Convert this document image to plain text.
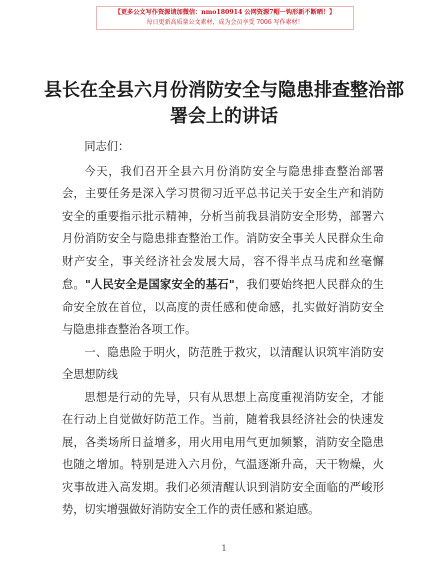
【更多公文写作资源请加微信：nmo180914 公网资源7帽一钩形新不断晒！】
每日更新高质量公文素材，成为会员享受 7006 写作素材！
县长在全县六月份消防安全与隐患排查整治部署会上的讲话

同志们：

今天，我们召开全县六月份消防安全与隐患排查整治部署会，主要任务是深入学习贯彻习近平总书记关于安全生产和消防安全的重要指示批示精神，分析当前我县消防安全形势，部署六月份消防安全与隐患排查整治工作。消防安全事关人民群众生命财产安全，事关经济社会发展大局，容不得半点马虎和丝毫懈怠。"人民安全是国家安全的基石"，我们要始终把人民群众的生命安全放在首位，以高度的责任感和使命感，扎实做好消防安全与隐患排查整治各项工作。

一、隐患险于明火，防范胜于救灾，以清醒认识筑牢消防安全思想防线

思想是行动的先导，只有从思想上高度重视消防安全，才能在行动上自觉做好防范工作。当前，随着我县经济社会的快速发展，各类场所日益增多，用火用电用气更加频繁，消防安全隐患也随之增加。特别是进入六月份，气温逐渐升高，天干物燥，火灾事故进入高发期。我们必须清醒认识到消防安全面临的严峻形势，切实增强做好消防安全工作的责任感和紧迫感。

1
